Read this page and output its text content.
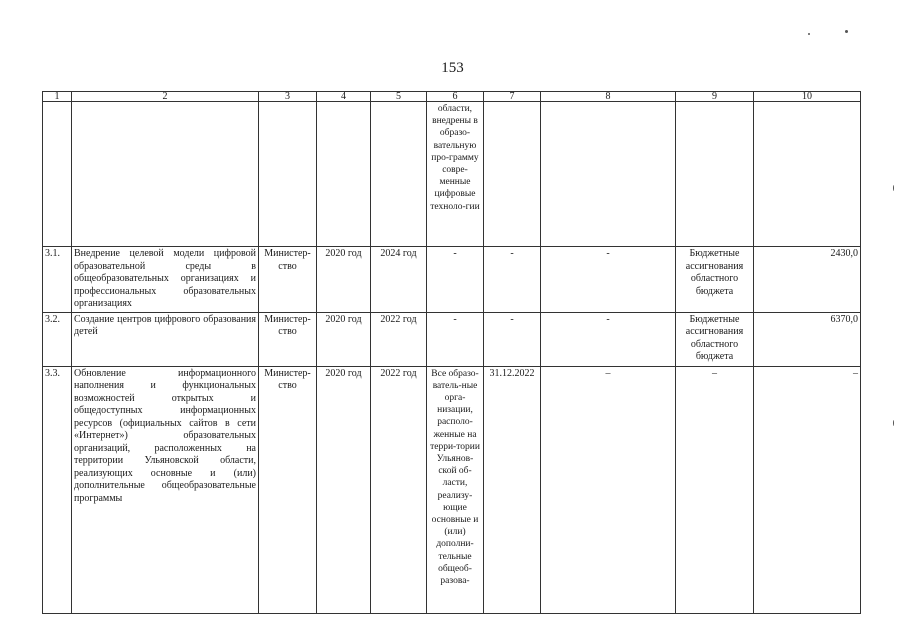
153
1	2	3	4	5	6	7	8	9	10
					области, внедрены в образо-вательную про-грамму совре-менные цифровые техноло-гии				
3.1.	Внедрение целевой модели цифровой образовательной среды в общеобразовательных организациях и профессиональных образовательных организациях	Министер-ство	2020 год	2024 год	-	-	-	Бюджетные ассигнования областного бюджета	2430,0
3.2.	Создание центров цифрового образования детей	Министер-ство	2020 год	2022 год	-	-	-	Бюджетные ассигнования областного бюджета	6370,0
3.3.	Обновление информационного наполнения и функциональных возможностей открытых и общедоступных информационных ресурсов (официальных сайтов в сети «Интернет») образовательных организаций, расположенных на территории Ульяновской области, реализующих основные и (или) дополнительные общеобразовательные программы	Министер-ство	2020 год	2022 год	Все образо-ватель-ные орга-низации, располо-женные на терри-тории Ульянов-ской об-ласти, реализу-ющие основные и (или) дополни-тельные общеоб-разова-	31.12.2022	–	–	–
